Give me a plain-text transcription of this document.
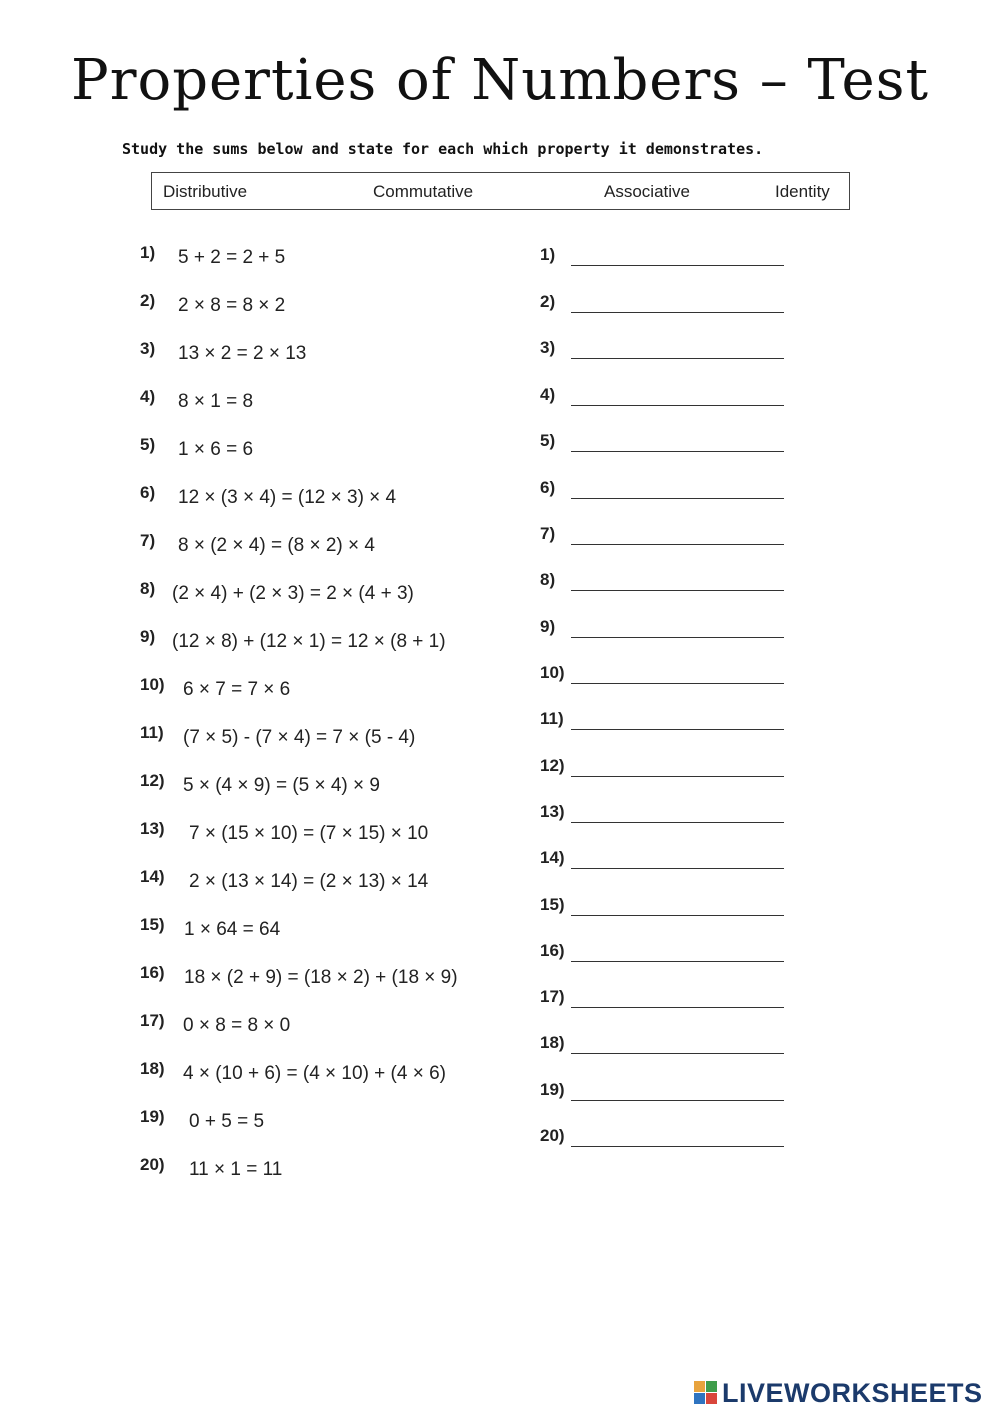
Properties of Numbers – Test
Study the sums below and state for each which property it demonstrates.
Distributive	Commutative	Associative	Identity
1) 5 + 2 = 2 + 5
2) 2 × 8 = 8 × 2
3) 13 × 2 = 2 × 13
4) 8 × 1 = 8
5) 1 × 6 = 6
6) 12 × (3 × 4) = (12 × 3) × 4
7) 8 × (2 × 4) = (8 × 2) × 4
8) (2 × 4) + (2 × 3) = 2 × (4 + 3)
9) (12 × 8) + (12 × 1) = 12 × (8 + 1)
10) 6 × 7 = 7 × 6
11) (7 × 5) - (7 × 4) = 7 × (5 - 4)
12) 5 × (4 × 9) = (5 × 4) × 9
13) 7 × (15 × 10) = (7 × 15) × 10
14) 2 × (13 × 14) = (2 × 13) × 14
15) 1 × 64 = 64
16) 18 × (2 + 9) = (18 × 2) + (18 × 9)
17) 0 × 8 = 8 × 0
18) 4 × (10 + 6) = (4 × 10) + (4 × 6)
19) 0 + 5 = 5
20) 11 × 1 = 11
1)
2)
3)
4)
5)
6)
7)
8)
9)
10)
11)
12)
13)
14)
15)
16)
17)
18)
19)
20)
LIVEWORKSHEETS
